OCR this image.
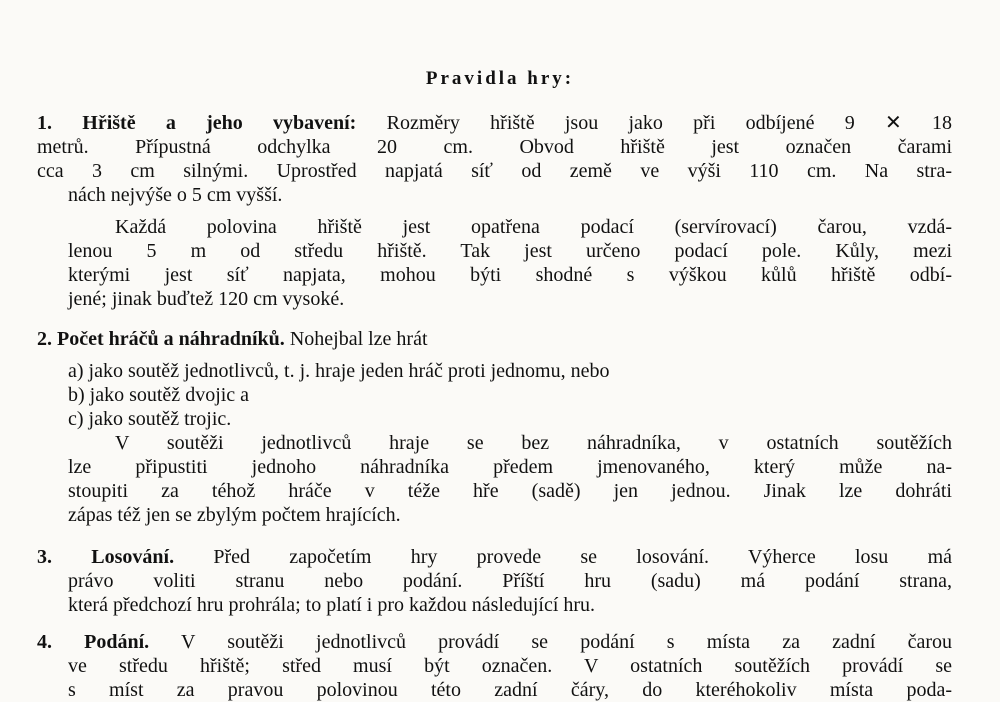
Pravidla hry:
1. Hřiště a jeho vybavení: Rozměry hřiště jsou jako při odbíjené 9 ✕ 18
metrů. Přípustná odchylka 20 cm. Obvod hřiště jest označen čarami
cca 3 cm silnými. Uprostřed napjatá síť od země ve výši 110 cm. Na stra-
nách nejvýše o 5 cm vyšší.
Každá polovina hřiště jest opatřena podací (servírovací) čarou, vzdá-
lenou 5 m od středu hřiště. Tak jest určeno podací pole. Kůly, mezi
kterými jest síť napjata, mohou býti shodné s výškou kůlů hřiště odbí-
jené; jinak buďtež 120 cm vysoké.
2. Počet hráčů a náhradníků. Nohejbal lze hrát
a) jako soutěž jednotlivců, t. j. hraje jeden hráč proti jednomu, nebo
b) jako soutěž dvojic a
c) jako soutěž trojic.
V soutěži jednotlivců hraje se bez náhradníka, v ostatních soutěžích
lze připustiti jednoho náhradníka předem jmenovaného, který může na-
stoupiti za téhož hráče v téže hře (sadě) jen jednou. Jinak lze dohráti
zápas též jen se zbylým počtem hrajících.
3. Losování. Před započetím hry provede se losování. Výherce losu má
právo voliti stranu nebo podání. Příští hru (sadu) má podání strana,
která předchozí hru prohrála; to platí i pro každou následující hru.
4. Podání. V soutěži jednotlivců provádí se podání s místa za zadní čarou
ve středu hřiště; střed musí být označen. V ostatních soutěžích provádí se
s míst za pravou polovinou této zadní čáry, do kteréhokoliv místa poda-
